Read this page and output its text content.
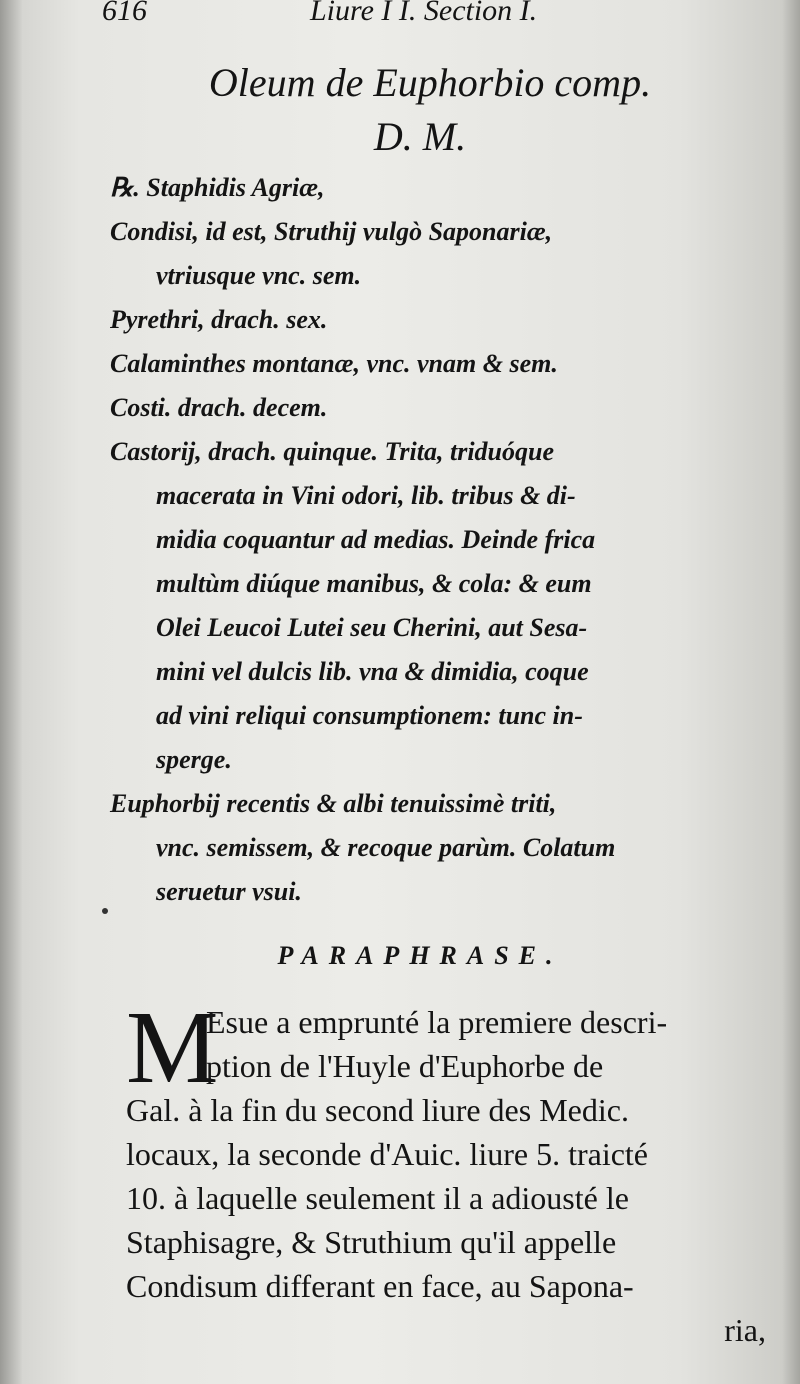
616	Liure I I. Section I.
Oleum de Euphorbio comp.
D. M.
℞. Staphidis Agriæ,
Condisi, id est, Struthij vulgò Saponariæ,
vtriusque vnc. sem.
Pyrethri, drach. sex.
Calaminthes montanæ, vnc. vnam & sem.
Costi. drach. decem.
Castorij, drach. quinque. Trita, triduóque
macerata in Vini odori, lib. tribus & di-
midia coquantur ad medias. Deinde frica
multùm diúque manibus, & cola: & eum
Olei Leucoi Lutei seu Cherini, aut Sesa-
mini vel dulcis lib. vna & dimidia, coque
ad vini reliqui consumptionem: tunc in-
sperge.
Euphorbij recentis & albi tenuissimè triti,
vnc. semissem, & recoque parùm. Colatum
seruetur vsui.
PARAPHRASE.
M
Esue a emprunté la premiere descri-
ption de l'Huyle d'Euphorbe de
Gal. à la fin du second liure des Medic.
locaux, la seconde d'Auic. liure 5. traicté
10. à laquelle seulement il a adiousté le
Staphisagre, & Struthium qu'il appelle
Condisum differant en face, au Sapona-
ria,
